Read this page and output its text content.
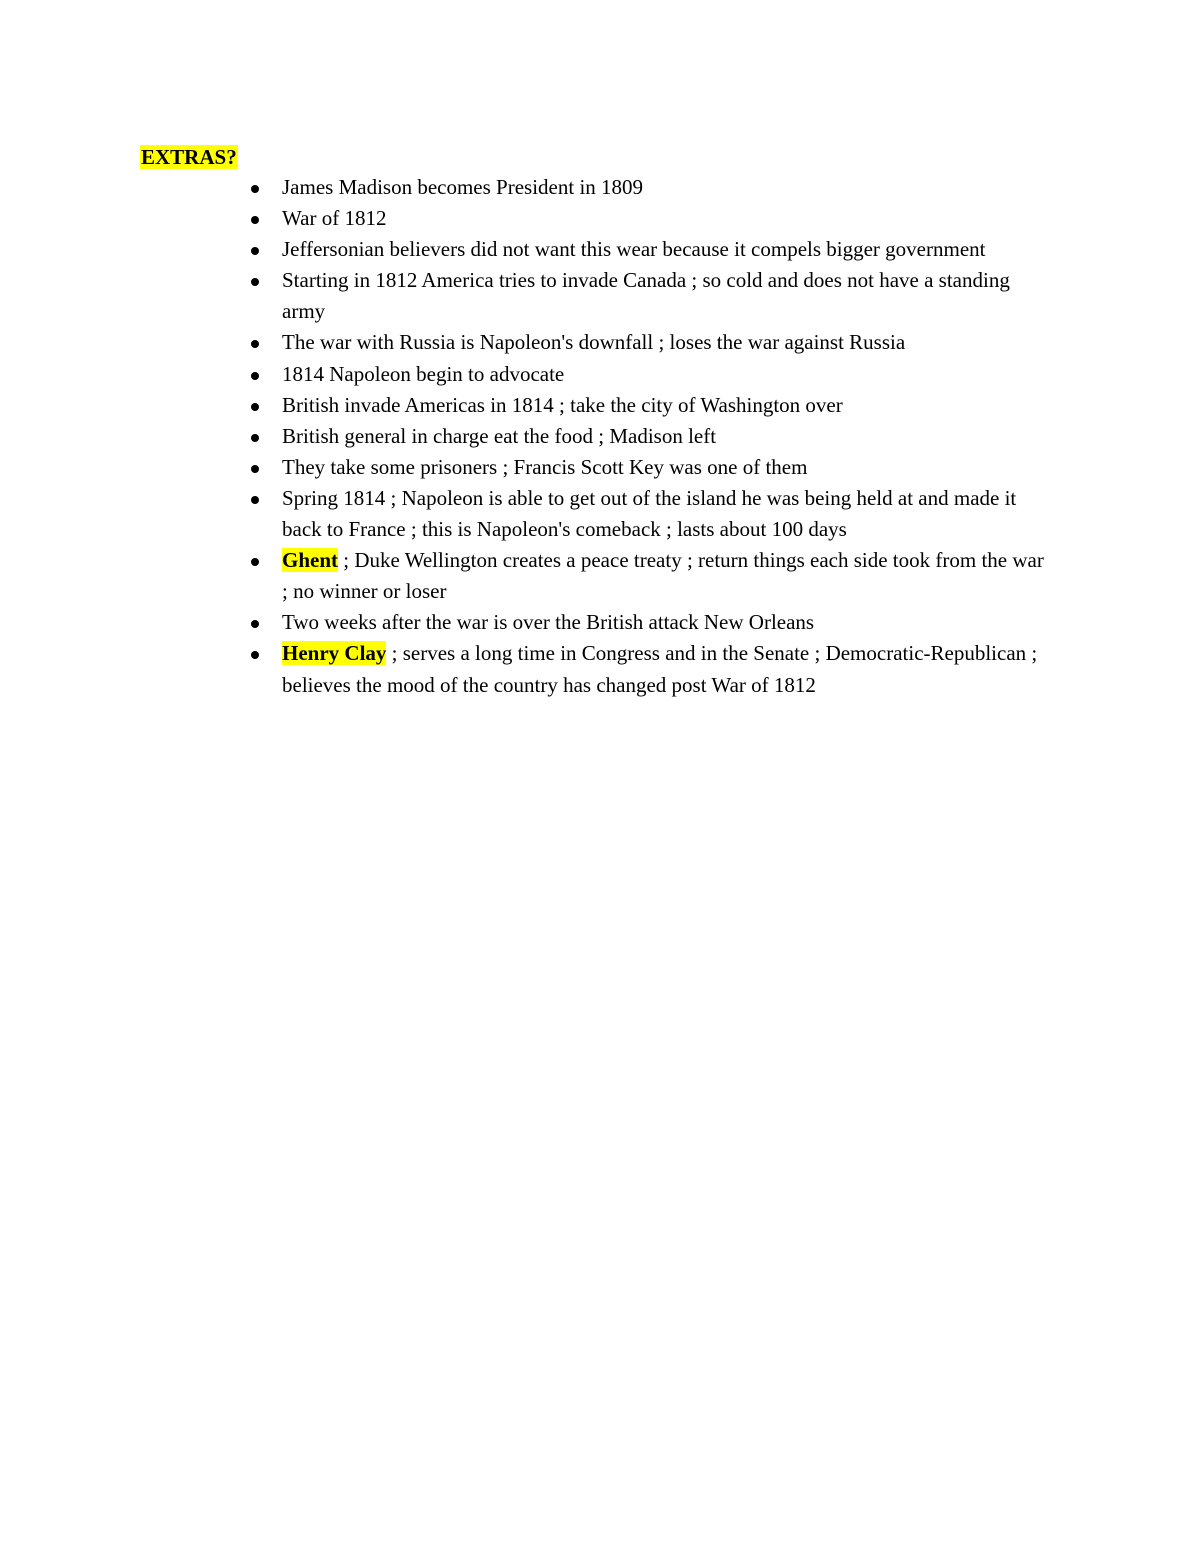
EXTRAS?

James Madison becomes President in 1809
War of 1812
Jeffersonian believers did not want this wear because it compels bigger government
Starting in 1812 America tries to invade Canada ; so cold and does not have a standing army
The war with Russia is Napoleon's downfall ; loses the war against Russia
1814 Napoleon begin to advocate
British invade Americas in 1814 ; take the city of Washington over
British general in charge eat the food ; Madison left
They take some prisoners ; Francis Scott Key was one of them
Spring 1814 ; Napoleon is able to get out of the island he was being held at and made it back to France ; this is Napoleon's comeback ; lasts about 100 days
Ghent ; Duke Wellington creates a peace treaty ; return things each side took from the war ; no winner or loser
Two weeks after the war is over the British attack New Orleans
Henry Clay ; serves a long time in Congress and in the Senate ; Democratic-Republican ; believes the mood of the country has changed post War of 1812
